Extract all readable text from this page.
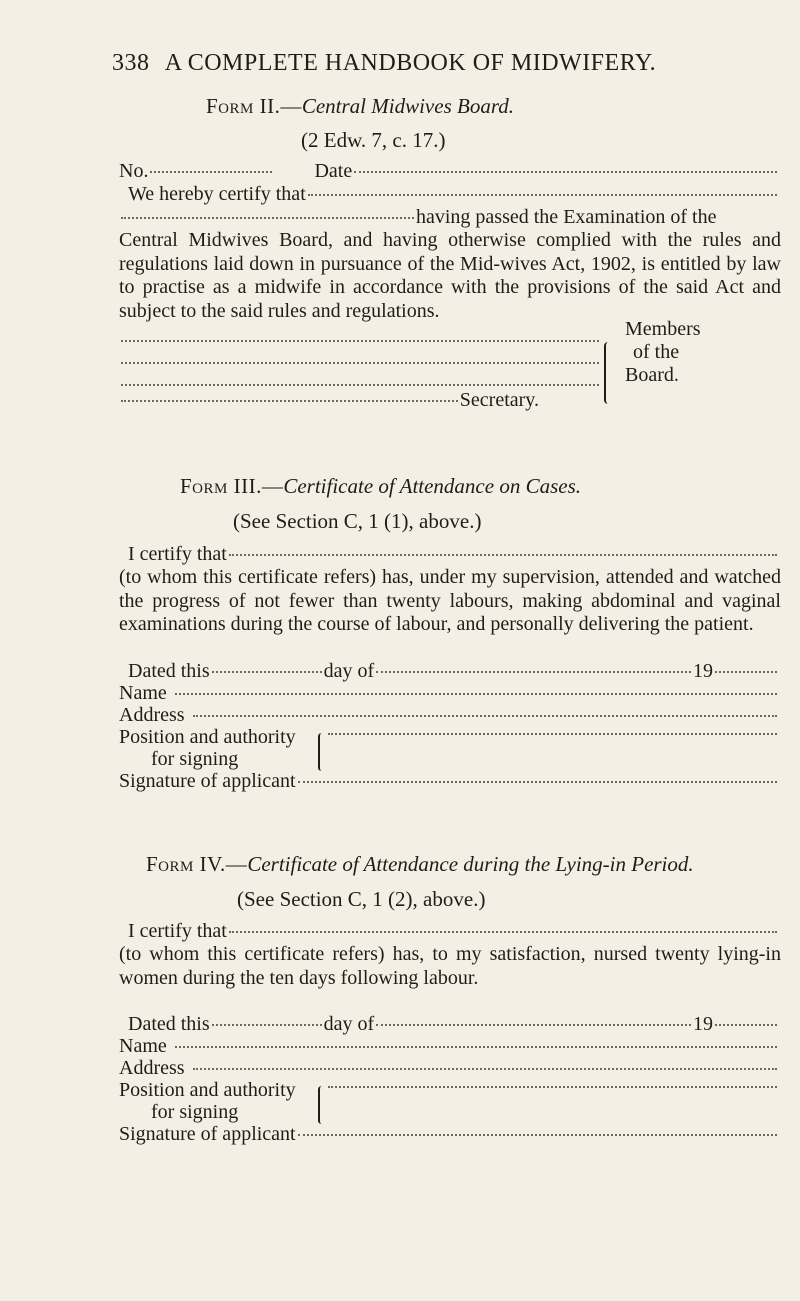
338 A COMPLETE HANDBOOK OF MIDWIFERY.
Form II.—Central Midwives Board.
(2 Edw. 7, c. 17.)
No.	Date
We hereby certify that
having passed the Examination of the

Central Midwives Board, and having otherwise complied with the rules and regulations laid down in pursuance of the Mid-wives Act, 1902, is entitled by law to practise as a midwife in accordance with the provisions of the said Act and subject to the said rules and regulations.

Members
of the
Board.
Secretary.
Form III.—Certificate of Attendance on Cases.
(See Section C, 1 (1), above.)
I certify that

(to whom this certificate refers) has, under my supervision, attended and watched the progress of not fewer than twenty labours, making abdominal and vaginal examinations during the course of labour, and personally delivering the patient.

Dated this	day of	19
Name
Address
Position and authority
for signing
Signature of applicant
Form IV.—Certificate of Attendance during the Lying-in Period.
(See Section C, 1 (2), above.)
I certify that

(to whom this certificate refers) has, to my satisfaction, nursed twenty lying-in women during the ten days following labour.

Dated this	day of	19
Name
Address
Position and authority
for signing
Signature of applicant
